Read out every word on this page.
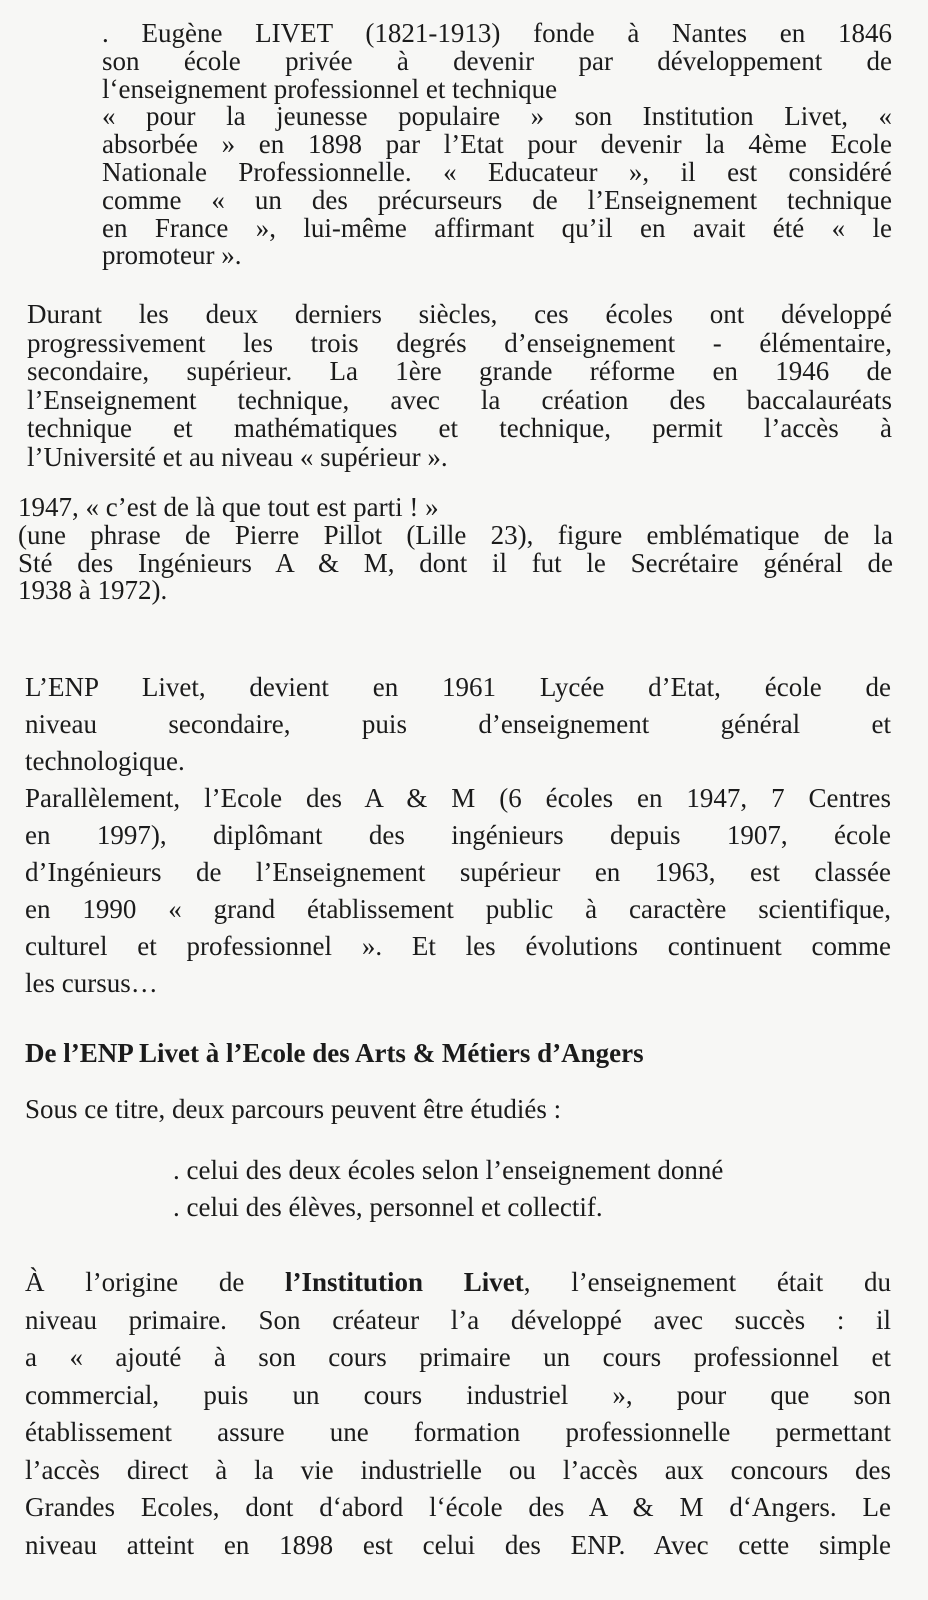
. Eugène LIVET (1821-1913) fonde à Nantes en 1846
son école privée à devenir par développement de
l‘enseignement professionnel et technique
« pour la jeunesse populaire » son Institution Livet, «
absorbée » en 1898 par l’Etat pour devenir la 4ème Ecole
Nationale Professionnelle. « Educateur », il est considéré
comme « un des précurseurs de l’Enseignement technique
en France », lui-même affirmant qu’il en avait été « le
promoteur ».

Durant les deux derniers siècles, ces écoles ont développé
progressivement les trois degrés d’enseignement - élémentaire,
secondaire, supérieur. La 1ère grande réforme en 1946 de
l’Enseignement technique, avec la création des baccalauréats
technique et mathématiques et technique, permit l’accès à
l’Université et au niveau « supérieur ».

1947, « c’est de là que tout est parti ! »

(une phrase de Pierre Pillot (Lille 23), figure emblématique de la
Sté des Ingénieurs A & M, dont il fut le Secrétaire général de
1938 à 1972).

L’ENP Livet, devient en 1961 Lycée d’Etat, école de
niveau secondaire, puis d’enseignement général et
technologique.
Parallèlement, l’Ecole des A & M (6 écoles en 1947, 7 Centres
en 1997), diplômant des ingénieurs depuis 1907, école
d’Ingénieurs de l’Enseignement supérieur en 1963, est classée
en 1990 « grand établissement public à caractère scientifique,
culturel et professionnel ». Et les évolutions continuent comme
les cursus…

De l’ENP Livet à l’Ecole des Arts & Métiers d’Angers

Sous ce titre, deux parcours peuvent être étudiés :

. celui des deux écoles selon l’enseignement donné
. celui des élèves, personnel et collectif.

À l’origine de l’Institution Livet, l’enseignement était du
niveau primaire. Son créateur l’a développé avec succès : il
a « ajouté à son cours primaire un cours professionnel et
commercial, puis un cours industriel », pour que son
établissement assure une formation professionnelle permettant
l’accès direct à la vie industrielle ou l’accès aux concours des
Grandes Ecoles, dont d‘abord l‘école des A & M d‘Angers. Le
niveau atteint en 1898 est celui des ENP. Avec cette simple
